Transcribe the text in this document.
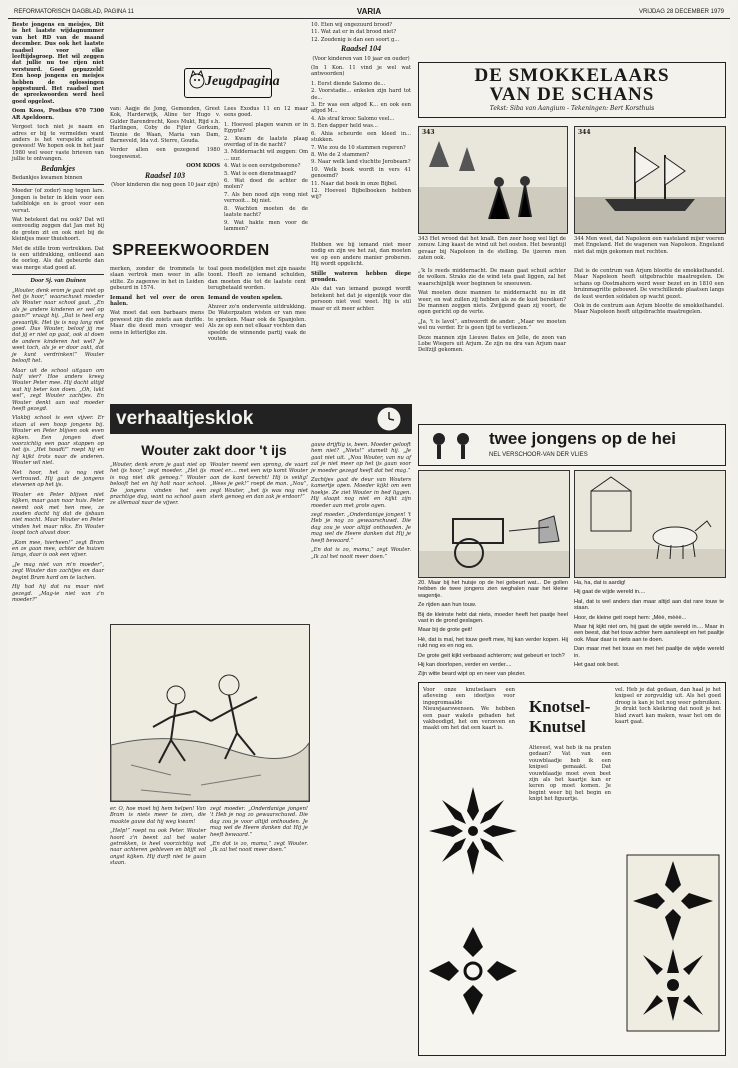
REFORMATORISCH DAGBLAD, PAGINA 11	VARIA	VRIJDAG 28 DECEMBER 1979

Beste jongens en meisjes, Dit is het laatste wijdagnummer van het RD van de maand december. Dus ook het laatste raadsel voor elke leeftijdsgroep. Het wil zeggen dat jullie nu toe rijen niet verstuurd. Goed gepuzzeld! Een hoop jongens en meisjes hebben de oplossingen opgestuurd. Het raadsel met de spreekwoorden werd heel goed opgelost.

Oom Koos, Postbus 670 7300 AR Apeldoorn.

Vergeet toch niet je naam en adres er bij te vermelden want anders is het verspelde arbeid geweest! We hopen ook in het jaar 1980 wel weer vaste brieven van jullie te ontvangen.

Bedankjes

Bedankjes kwamen binnen

Moeder (of zoder) nog tegen lars. Jongen is beter in klein voor een tafelblokje en is groot voor een vervat.

Wat betekent dat nu ook? Dat wil eenvoudig zeggen dat Jan met bij de groten zit en ook niet bij de kleintjes meer thuishoort.

Met de stille trom vertrekken. Dat is een uitdrukking, ontleend aan de oorlog. Als dat gebeurde dan was merge stad goed af.

Door Sj. van Duinen

„Wouter, denk erom je gaat niet op het ijs hoor,” waarschuwt moeder als Wouter naar school gaat. „En als je andere kinderen er wel op gaan?” vraagt hij. „Dat is heel erg gevaarlijk. Het ijs is nog lang niet goed. Dus Wouter, beloof jij me dat jij er niet op gaat, ook al doen de andere kinderen het wel? Je weet toch, als je er door zakt, dat je kunt verdrinken!” Wouter belooft het.

Maar uit de school uitgaan om half vier? Hoe anders kreeg Wouter Peter mee. Hij dacht altijd wat hij beter kon doen. „Oh, lukt wel”, zegt Wouter zachtjes. En Wouter denkt aan wat moeder heeft gezegd.

Vlakbij school is een vijver. Er staan al een hoop jongens bij. Wouter en Peter blijven ook even kijken. Een jongen doet voorzichtig een paar stappen op het ijs. „Het houdt!” roept hij en hij kijkt trots naar de anderen. Wouter wil niet.

Net hoor, het is nog niet vertrouwd. Hij gaat de jongens stevenen op het ijs.

Wouter en Peter blijven niet kijken, maar gaan naar huis. Peter neemt ook met hen mee, ze zouden dacht hij dat de ijsbaan niet mocht. Maar Wouter en Peter vinden het maar niks. En Wouter loopt toch alvast door.

„Kom mee, hierheen!” zegt Bram en ze gaan mee, achter de huizen langs, daar is ook een vijver.

„Je mag niet van m'n moeder”, zegt Wouter dan zachtjes en daar begint Bram hard om te lachen.

Hij had hij dat nu maar niet gezegd. „Mag-ie niet van z'n moeder?”

Jeugdpagina

van: Aagje de Jong, Gemonden, Greet Kok, Harderwijk, Aline ter Hugo v. Gulder Barendrecht, Kees Mukt, Rijd s.h. Harlingen, Coby de Fijter Gorkum, Teunie de Waan, Maria van Dam, Barneveld, Ida v.d. Sterre, Gouda.

Verder allen een gezegend 1980 toegewenst.

OOM KOOS

Raadsel 103

(Voor kinderen die nog geen 10 jaar zijn)

Lees Exodus 11 en 12 maar eens goed.

1. Hoeveel plagen waren er in Egypte?

2. Kwam de laatste plaag overdag of in de nacht?

3. Middernacht wil zeggen: Om ... uur.

4. Wat is een eerstgeborene?

5. Wat is een dienstmaagd?

6. Wat doed de achter de molen?

7. Als ben nood zijn vong niet verrooit... bij niet.

8. Wachten moeten de de laatste nacht?

9. Wat hakte men voor de lammen?

10. Eten wij ongezuurd brood?

11. Wat zat er in dat brood niet?

12. Zoudenig is dan een soort g...

Raadsel 104

(Voor kinderen van 10 jaar en ouder)

(In 1 Kon. 11 vind je wel wat antwoorden)

1. Eerst diende Salomo de...

2. Voorstadie... enkelen zijn hard tot de...

3. Er was een afgod K... en ook een afgod M...

4. Als straf krooc Salomo veel...

5. Een dapper held was...

6. Ahia scheurde een kleed in... stukken.

7. Wie zou de 10 stammen regeren?

8. Wie de 2 stammen?

9. Naar welk land vluchtte Jerobeam?

10. Welk boek wordt in vers 41 genoemd?

11. Naar dat boek in onze Bijbel.

12. Hoeveel Bijbelboeken hebben wij?

SPREEKWOORDEN

merken, zonder de trommels te slaan vertrok men weer in alle stilte. Zo zagenwe in het in Leiden gebeurd in 1574.

Iemand het vel over de oren halen.

Wat moet dat een barbaars mens geweest zijn die zoiets aan durfde. Maar die deed men vroeger wel eens in letterlijke zin.

toal geen modelijden met zijn naaste toont. Heeft zo iemand schulden, dan moeten die tot de laatste cent terugbetaald worden.

Iemand de vouten spelen.

Ahuver zo'n ondervente uitdrukking. De Waterpzaten wisten er van mee te spreken. Maar ook de Spanjolen. Als ze op een net elkaar vochten dan speelde de winnende partij vaak de vouten.

Hebben we bij iemand niet meer nodig en zijn we het zat, dan moeten we op een andere manier proberen. Hij wordt opgelicht.

Stille wateren hebben diepe gronden.

Als dat van iemand gezegd wordt betekent het dat je eigenlijk voor die persoon niet veel weet. Hij is stil maar er zit meer achter.

verhaaltjesklok
Wouter zakt door 't ijs

„Wouter, denk erom je gaat niet op het ijs hoor,” zegt moeder. „Het ijs is nog niet dik genoeg.” Wouter belooft het en hij holt naar school. De jongens vinden het een prachtige dag, want na school gaan ze allemaal naar de vijver.

Wouter neemt een sprong, de vaart moet er.... met een wip komt Wouter aan de kant terecht! Hij is veilig! „Wees je gek!” roept de man. „Nou”, zegt Wouter, „het ijs was nog niet sterk genoeg en dan zak je erdoor!”

gauw drijftig is, been. Moeder gelooft hem niet? „Niets!” stamelt hij. „Je gaat niet uit. „Nou Wouter, van nu af zal je niet meer op het ijs gaan voor je moeder gezegd heeft dat het mag.”

Zachtjes gaat de deur van Wouters kamertje open. Moeder kijkt om een hoekje. Ze ziet Wouter in bed liggen. Hij slaapt nog niet en kijkt zijn moeder aan met grote ogen.

zegt moeder. „Onderdanige jongen! 't Heb je nog zo gewaarschuwd. Die dag zou je voor altijd onthouden. Je mag wel de Heere danken dat Hij je heeft bewaard.”

„En dat is zo, mama,” zegt Wouter. „Ik zal het nooit meer doen.”

er. O, hoe moet hij hem helpen! Van Bram is niets meer te zien, die maakte gauw dat hij weg kwam!

„Help!” roept nu ook Peter. Wouter hoort z'n beent zal het water getrokken, is heel voorzichtig wat naar achteren gebleven en blijft vol angst kijken. Hij durft niet te gaan staan.

zegt moeder. „Onderdanige jongen! 't Heb je nog zo gewaarschuwd. Die dag zou je voor altijd onthouden. Je mag wel de Heere danken dat Hij je heeft bewaard.”

„En dat is zo, mama,” zegt Wouter. „Ik zal het nooit meer doen.”

DE SMOKKELAARS
VAN DE SCHANS
Tekst: Siba van Aangium - Tekeningen: Bert Korsthuis
343	344

343 Het wrood dat het knalt. Een zeer hoog wel ligt de zenuw. Ling kaast de wind uit het oosten. Het bewuntijl gevaar bij Napoleon in de stelling. De ijzeren men zaten ook.

344 Men weet, dat Napoleon een vasteland mijer voeren met Engeland. Het de wagenen van Napoleon. Engeland niet dat mijn gekomen met rechten.

„'k Is reeds middernacht. De maan gaat schuil achter de wolken. Straks zie de wind iets gaat liggen, zal het waarschijnlijk weer beginnen te sneeuwen.

Wat moeten deze mannen te middernacht nu in dit weer, en wat zullen zij hebben als ze de kust bereiken? De mannen zeggen niets. Zwijgend gaan zij voort, de ogen gericht op de verte.

„Ja, 't is lavol”, antwoordt de ander. „Maar we moeten wel nu verder. Er is geen tijd te verliezen.”

Deze mannen zijn Lieuwe Bates en Jelle, de zoon van Lobe Wiegers uit Arjum. Ze zijn nu dra van Arjum naar Delfzijl gekomen.

Dat is de centrum van Arjum blootte de smokkelhandel. Maar Napoleon heeft uitgebrachte maatregelen. De schans op Oostmahorn werd weer bezet en in 1810 een bruinmagritte gebouwd. De verschillende plaatsen langs de kust werden soldaten op wacht gezet.

Ook in de centrum aan Arjum blootte de smokkelhandel. Maar Napoleon heeft uitgebrachte maatregelen.

twee jongens op de hei
NEL VERSCHOOR-VAN DER VLIES

20. Maar bij het huisje op de hei gebeurt wat... De gollen hebben de twee jongens zien weghalen naar het kleine wagentje.

Ze rijden aan hun touw.

Bij de kleinste hebt dat niets, moeder heeft het paatje heel vast in de grond geslagen.

Maar bij de grote geit!

Hè, dat is mal, het touw geeft mee, hij kan verder kopen. Hij rukt nog es en nog es.

De grote geit kijkt verbaasd achterom; wat gebeurt er toch?

Hij kan doorlopen, verder en verder....

Zijn witte beard wipt op en neer van plezier.

Ha, ha, dat is aardig!

Hij gaat de wijde wereld in....

Hal, dat is wel anders dan maar altijd aan dat rare touw te staan.

Hoor, de kleine geit roept hem: „Mèè, mèèè...

Maar hij kijkt niet om, hij gaat de wijde wereld in.... Maar in een beest, dat het touw achter hem aansleept en het paaltje ook. Maar daar is niets aan te doen.

Dan maar met het touw en met het paaltje de wijde wereld in.

Het gaat ook best.

Voor onze knutselaars een afleveing een ideetjes voor ingegromaalde Nieuwjaarswensen. We hebben een paar wakels gebaden het vakboodigd, het om verzeven en maakt om het dat een kaart is.

Knotsel-
Knutsel

vel. Heb je dat gedaan, dan haal je het knipsel er zorgvuldig uit. Als het goed droog is kan je het nog weer gebruiken. Je drukt toch kleikring dat nooit je het blad zwart kan maken, waar het om de kaart gaat.

Altevest, wat heb ik na praten gedaan? Vat van een vouwblaadje heb ik een knipsel gemaakt. Dat vouwblaadje moet even beet zijn als het kaartje kan er keren op moet komen. Je begint weer bij het begin en knipt het figuurtje.
